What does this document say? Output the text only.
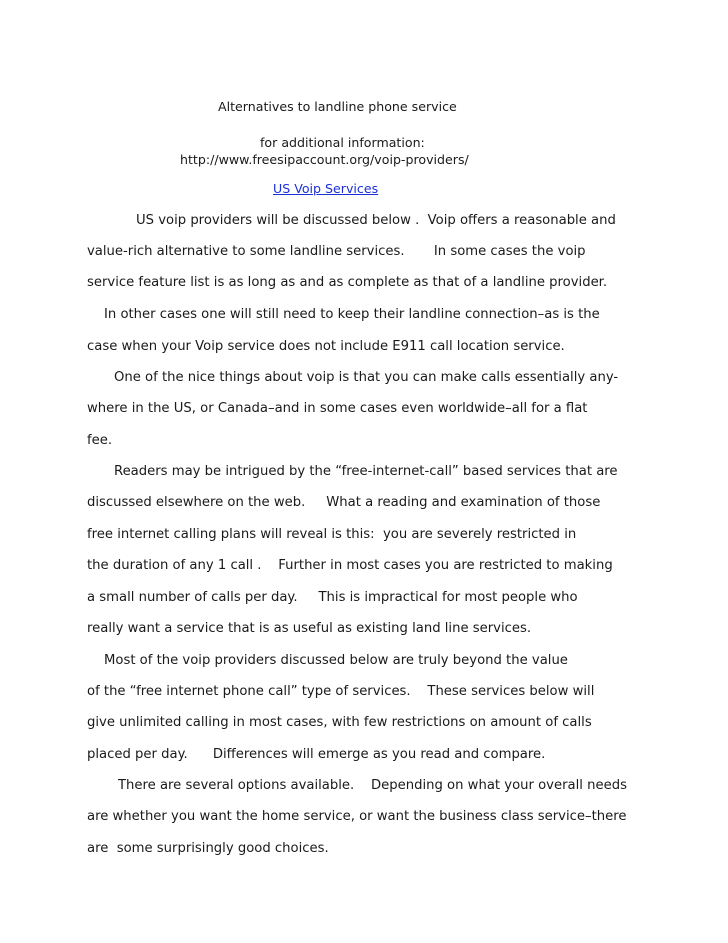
Alternatives to landline phone service
for additional information:
http://www.freesipaccount.org/voip-providers/
US Voip Services
US voip providers will be discussed below .  Voip offers a reasonable and
value-rich alternative to some landline services.       In some cases the voip
service feature list is as long as and as complete as that of a landline provider.
In other cases one will still need to keep their landline connection–as is the
case when your Voip service does not include E911 call location service.
One of the nice things about voip is that you can make calls essentially any-
where in the US, or Canada–and in some cases even worldwide–all for a flat
fee.
Readers may be intrigued by the “free-internet-call” based services that are
discussed elsewhere on the web.     What a reading and examination of those
free internet calling plans will reveal is this:  you are severely restricted in
the duration of any 1 call .    Further in most cases you are restricted to making
a small number of calls per day.     This is impractical for most people who
really want a service that is as useful as existing land line services.
Most of the voip providers discussed below are truly beyond the value
of the “free internet phone call” type of services.    These services below will
give unlimited calling in most cases, with few restrictions on amount of calls
placed per day.      Differences will emerge as you read and compare.
There are several options available.    Depending on what your overall needs
are whether you want the home service, or want the business class service–there
are  some surprisingly good choices.
